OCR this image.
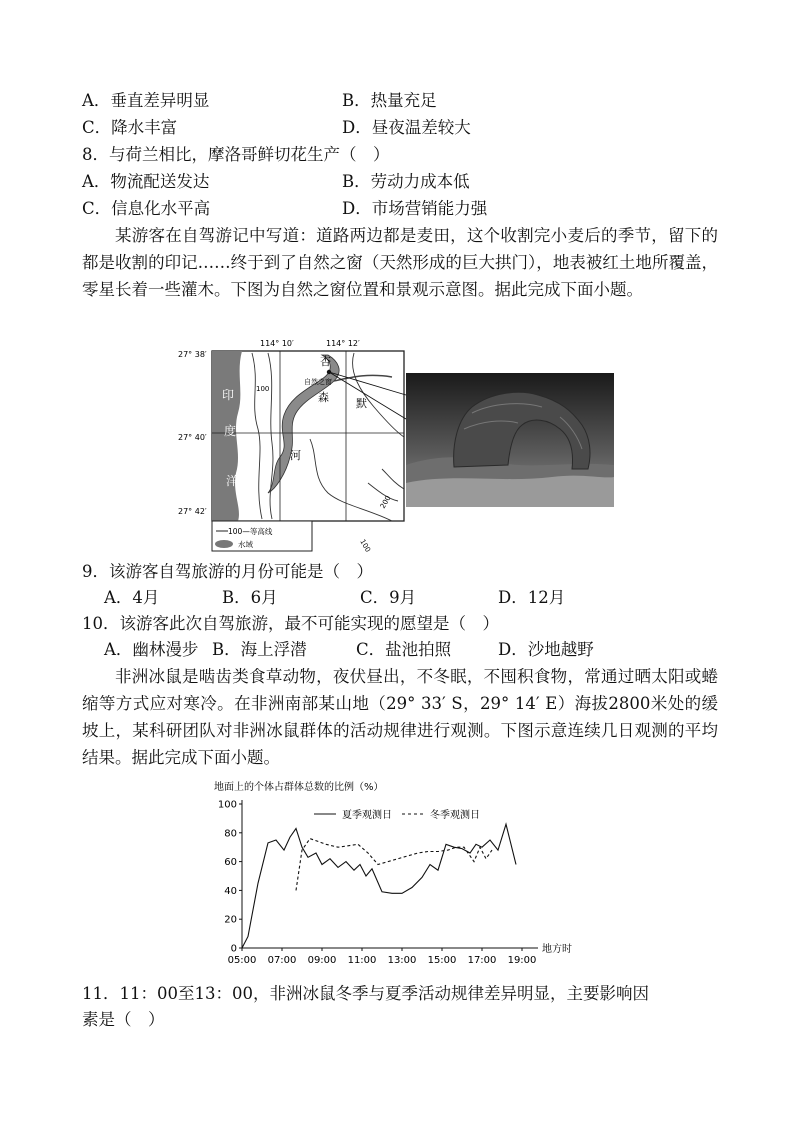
A．垂直差异明显	B．热量充足
C．降水丰富	D．昼夜温差较大
8．与荷兰相比，摩洛哥鲜切花生产（　）
A．物流配送发达	B．劳动力成本低
C．信息化水平高	D．市场营销能力强
某游客在自驾游记中写道：道路两边都是麦田，这个收割完小麦后的季节，留下的都是收割的印记……终于到了自然之窗（天然形成的巨大拱门），地表被红土地所覆盖，零星长着一些灌木。下图为自然之窗位置和景观示意图。据此完成下面小题。
114° 10′	114° 12′
27° 38′
27° 40′
27° 42′
印
度
洋
杏
森 默
河
自然之窗
100
100
200
100—等高线
水域
9．该游客自驾旅游的月份可能是（　）
A．4月	B．6月	C．9月	D．12月
10．该游客此次自驾旅游，最不可能实现的愿望是（　）
A．幽林漫步 B．海上浮潜	C．盐池拍照	D．沙地越野
非洲冰鼠是啮齿类食草动物，夜伏昼出，不冬眠，不囤积食物，常通过晒太阳或蜷缩等方式应对寒冷。在非洲南部某山地（29° 33′ S，29° 14′ E）海拔2800米处的缓坡上，某科研团队对非洲冰鼠群体的活动规律进行观测。下图示意连续几日观测的平均结果。据此完成下面小题。
地面上的个体占群体总数的比例（%）
0
20
40
60
80
100
05:00 07:00 09:00 11:00 13:00 15:00 17:00 19:00
夏季观测日	冬季观测日
地方时
11．11：00至13：00，非洲冰鼠冬季与夏季活动规律差异明显，主要影响因
素是（　）
